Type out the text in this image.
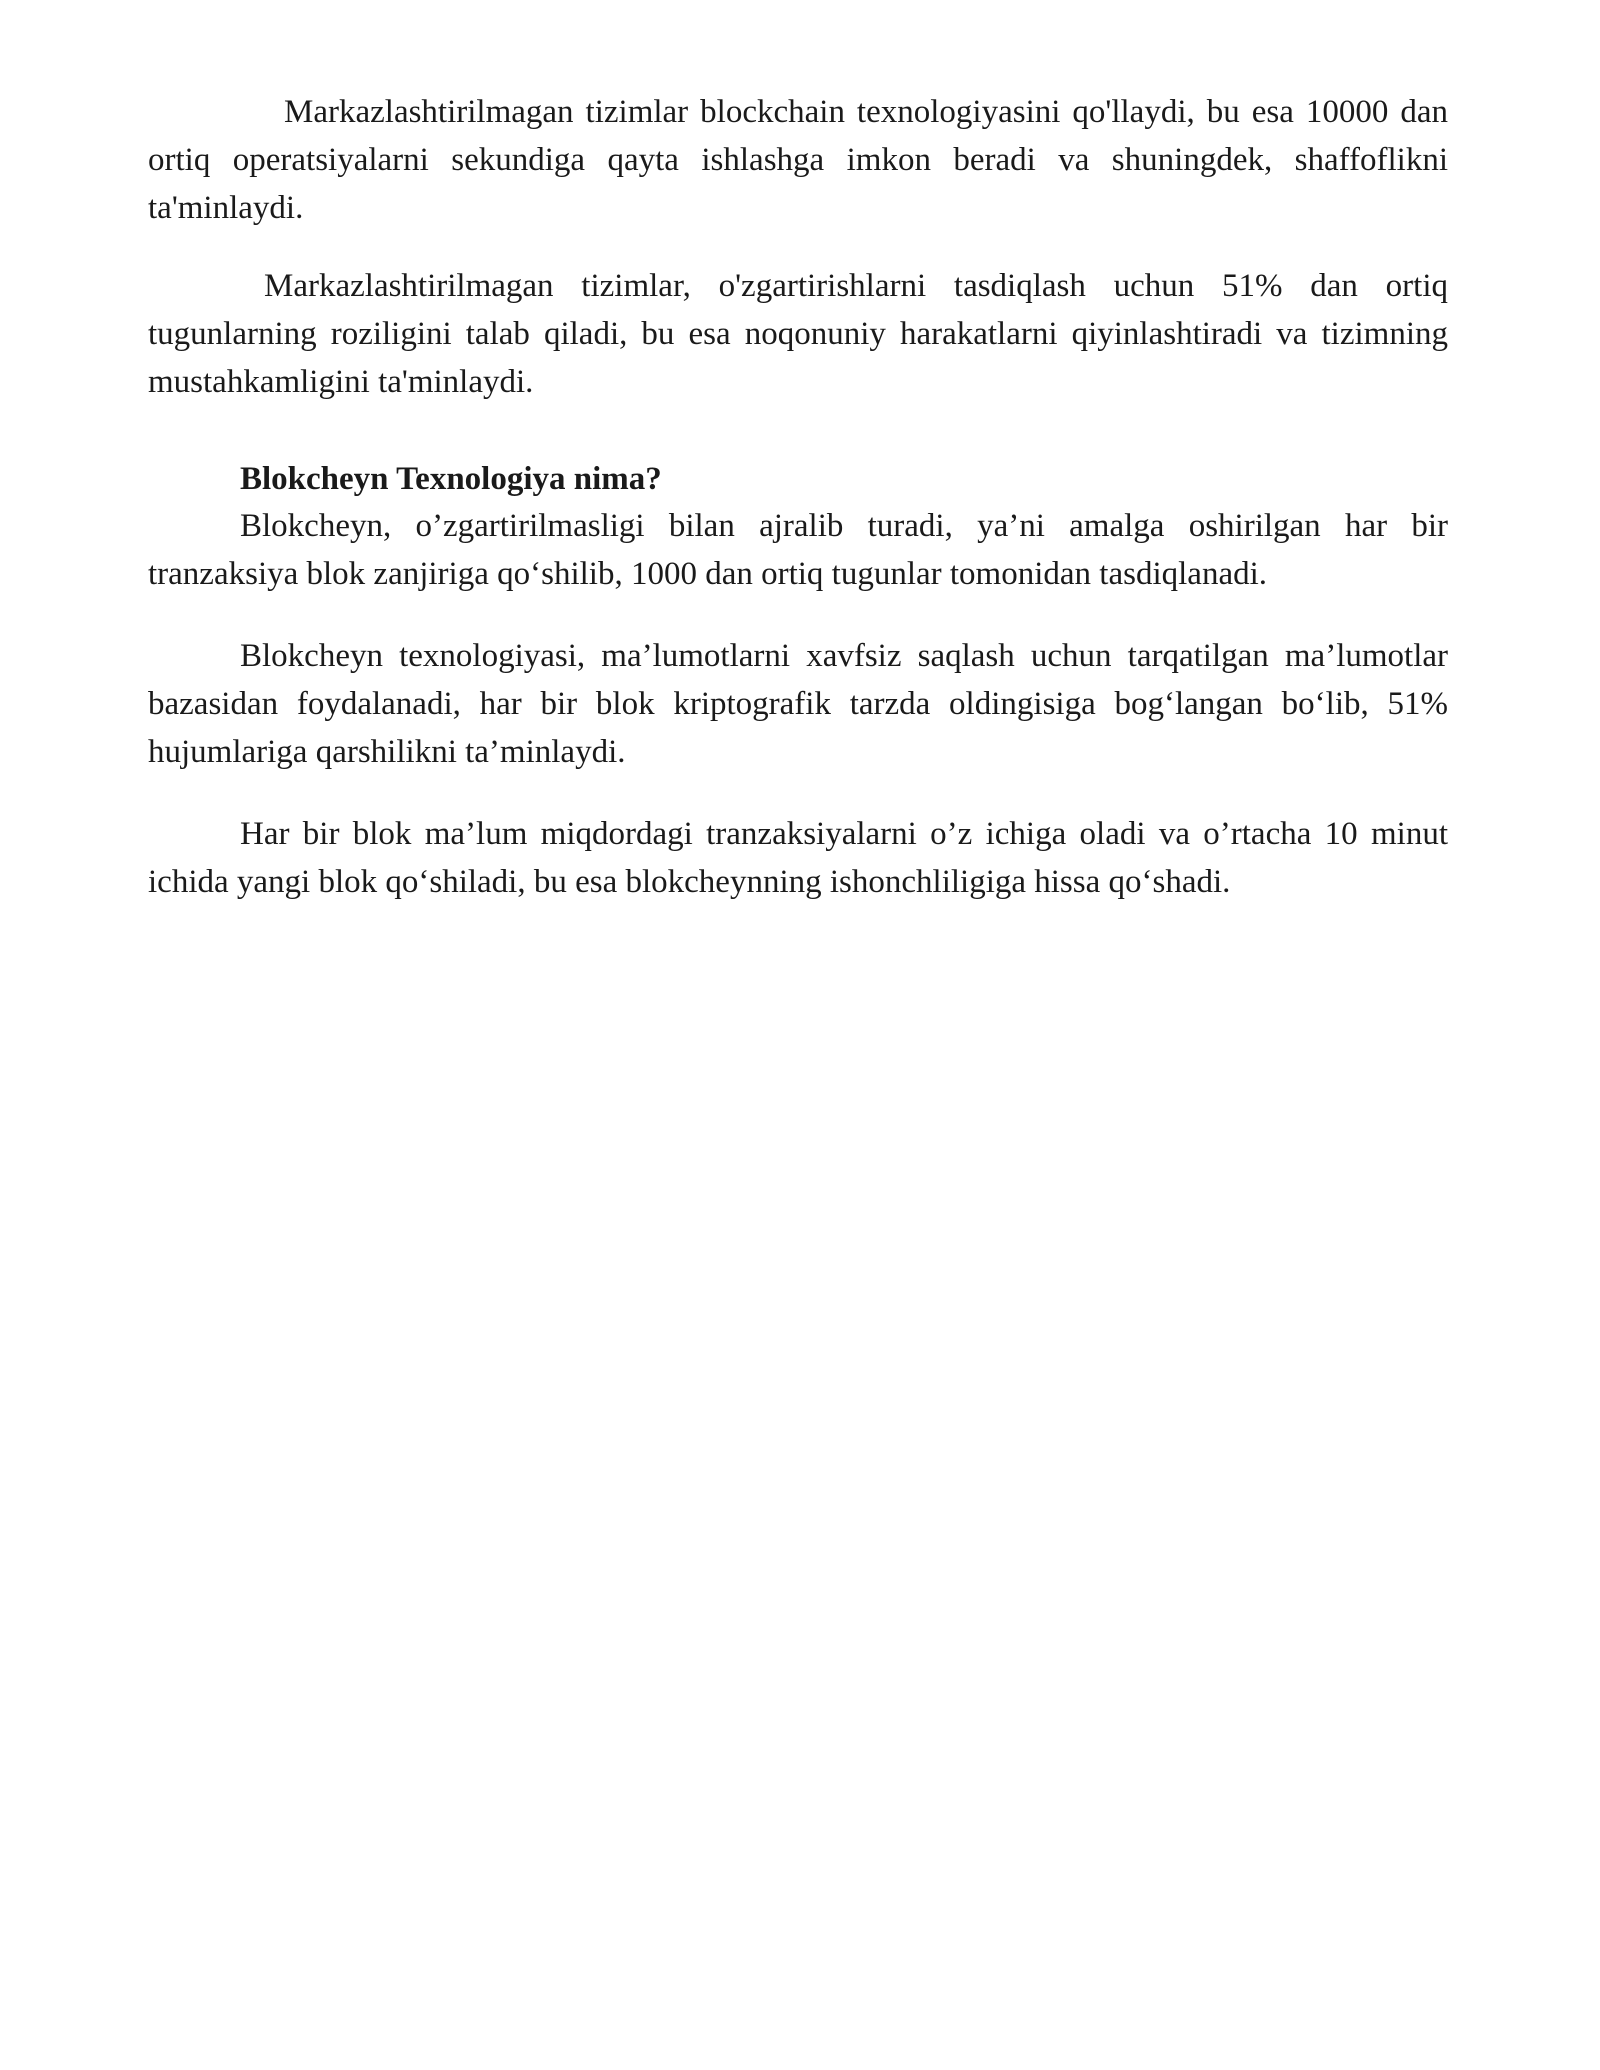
Markazlashtirilmagan tizimlar blockchain texnologiyasini qo'llaydi, bu esa 10000 dan ortiq operatsiyalarni sekundiga qayta ishlashga imkon beradi va shuningdek, shaffoflikni ta'minlaydi.

Markazlashtirilmagan tizimlar, o'zgartirishlarni tasdiqlash uchun 51% dan ortiq tugunlarning roziligini talab qiladi, bu esa noqonuniy harakatlarni qiyinlashtiradi va tizimning mustahkamligini ta'minlaydi.

Blokcheyn Texnologiya nima?

Blokcheyn, o’zgartirilmasligi bilan ajralib turadi, ya’ni amalga oshirilgan har bir tranzaksiya blok zanjiriga qo‘shilib, 1000 dan ortiq tugunlar tomonidan tasdiqlanadi.

Blokcheyn texnologiyasi, ma’lumotlarni xavfsiz saqlash uchun tarqatilgan ma’lumotlar bazasidan foydalanadi, har bir blok kriptografik tarzda oldingisiga bog‘langan bo‘lib, 51% hujumlariga qarshilikni ta’minlaydi.

Har bir blok ma’lum miqdordagi tranzaksiyalarni o’z ichiga oladi va o’rtacha 10 minut ichida yangi blok qo‘shiladi, bu esa blokcheynning ishonchliligiga hissa qo‘shadi.
